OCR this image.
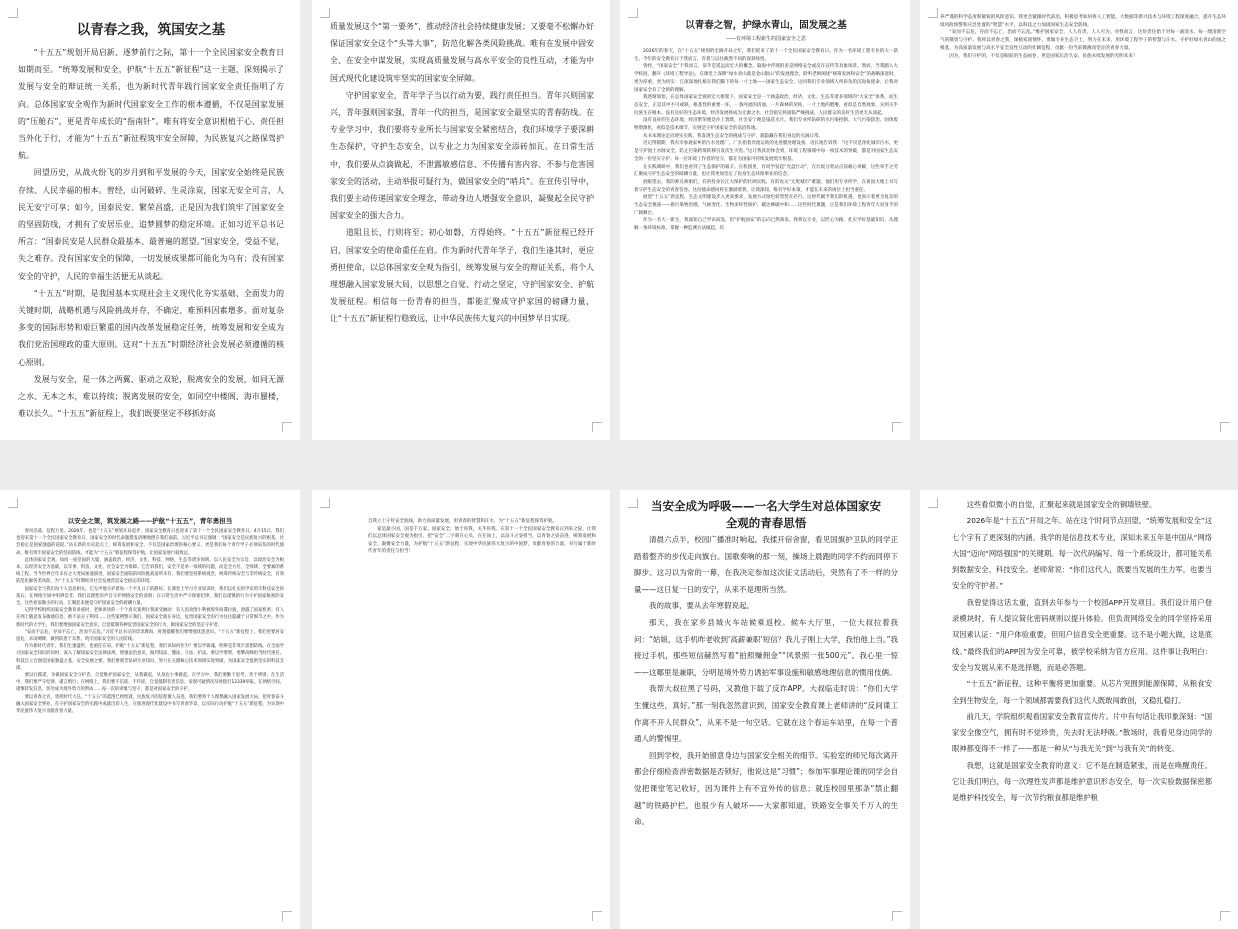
以青春之我，筑国安之基

“十五五”规划开局启新、逐梦前行之际，第十一个全民国家安全教育日如期而至。“统筹发展和安全，护航“十五五”新征程”这一主题，深刻揭示了发展与安全的辩证统一关系，也为新时代青年践行国家安全责任指明了方向。总体国家安全观作为新时代国家安全工作的根本遵循，不仅是国家发展的“压舱石”，更是青年成长的“指南针”。唯有将安全意识根植于心、责任担当外化于行，才能为“十五五”新征程筑牢安全屏障，为民族复兴之路保驾护航。

回望历史，从战火纷飞的岁月到和平发展的今天，国家安全始终是民族存续、人民幸福的根本。曾经，山河破碎、生灵涂炭，国家无安全可言，人民无安宁可享；如今，国泰民安、繁荣昌盛，正是因为我们筑牢了国家安全的坚固防线，才拥有了安居乐业、追梦圆梦的稳定环境。正如习近平总书记所言：“国泰民安是人民群众最基本、最普遍的愿望。”国家安全，受益不觉，失之难存。没有国家安全的保障，一切发展成果都可能化为乌有；没有国家安全的守护，人民的幸福生活便无从谈起。

“十五五”时期，是我国基本实现社会主义现代化夯实基础、全面发力的关键时期，战略机遇与风险挑战并存，不确定、难预料因素增多。面对复杂多变的国际形势和艰巨繁重的国内改革发展稳定任务，统筹发展和安全成为我们党治国理政的重大原则。这对“十五五”时期经济社会发展必须遵循的核心原则。

发展与安全，是一体之两翼、驱动之双轮，脱离安全的发展，如同无源之水、无本之木，难以持续；脱离发展的安全，如同空中楼阁、海市蜃楼，难以长久。“十五五”新征程上，我们既要坚定不移抓好高

质量发展这个“第一要务”，推动经济社会持续健康发展；又要毫不松懈办好保证国家安全这个“头等大事”，防范化解各类风险挑战。唯有在发展中固安全、在安全中谋发展，实现高质量发展与高水平安全的良性互动，才能为中国式现代化建设筑牢坚实的国家安全屏障。

守护国家安全，青年学子当以行动为要，践行责任担当。青年兴则国家兴，青年强则国家强，青年一代的担当，是国家安全最坚实的青春防线。在专业学习中，我们要将专业所长与国家安全紧密结合，我们环境学子要深耕生态保护，守护生态安全，以专业之力为国家安全添砖加瓦。在日常生活中，我们要从点滴做起，不泄露敏感信息、不传播有害内容、不参与危害国家安全的活动，主动举报可疑行为，做国家安全的“哨兵”。在宣传引导中，我们要主动传递国家安全理念，带动身边人增强安全意识，凝聚起全民守护国家安全的强大合力。

道阻且长，行则将至；初心如磐，方得始终。“十五五”新征程已经开启，国家安全的使命重任在肩。作为新时代青年学子，我们生逢其时，更应勇担使命，以总体国家安全观为指引，统筹发展与安全的辩证关系，将个人理想融入国家发展大局，以思想之自觉、行动之坚定，守护国家安全、护航发展征程。相信每一份青春的担当，都能汇聚成守护家国的磅礴力量，让“十五五”新征程行稳致远，让中华民族伟大复兴的中国梦早日实现。

以青春之智，护绿水青山，固发展之基

——有环境工程新生的国家安全之思

2026年的春天，在“十五五”规划的宏阔开局之年，我们迎来了第十一个全民国家安全教育日。作为一名环境工程专业的大一新生，今年的安全教育日于我而言，有着与以往截然不同的深刻体悟。

曾经，“国家安全”于我而言，似乎是遥远而宏大的概念。脑海中浮现的多是网络安全或反诈宣传等具象场景。然而，当我踏入大学校园，翻开《环境工程导论》，在课堂上深耕“绿水青山就是金山银山”的发展理念，聆听老师阐述“统筹发展和安全”的战略深意时，更为厚重，更为切实：它深深地扎根在我们脚下的每一寸土地——国家生态安全。这同我们专业领域人所肩负的沉甸甸使命，让我对国家安全有了全新的理解。

我逐渐领悟，在总体国家安全观的宏大框架下，国家安全是一个涵盖政治、经济、文化、生态等诸多领域的“大安全”体系。而生态安全，正是其中不可或缺、根基性的重要一环。一条河流的清浊，一片森林的荣枯，一寸土地的肥瘠，看似是自然现象，实则关乎民族生存根本。没有良好的生态环境，经济发展将成为无源之水，社会稳定将面临严峻挑战，人民群众的美好生活更无从谈起。

没有良好的生态环境，经济繁荣便是沙上筑塔，社会安宁便是镜花水月。我们专业所钻研的水污染控制、大气污染防治、固体废物资源化，看似是技术细节，实则是守护国家安全的前沿阵地。

从书本理论走向现实实践，我发现生态安全的挑战与守护，就隐藏在我们身边的点滴日常。

近记得假期，我有幸参观家乡的污水处理厂。厂长指着奔流运转的先进膜处理设备，语长地告诉我：“这不仅是净化城市污水，更是守护国土水脉安全，防止污染跨境转移引发次生灾害。”这让我真切体会到，环境工程领域中每一项技术的突破，都是对国家生态安全的一份坚实守护；每一位环境工作者的坚守，都在为国家可持续发展筑牢根基。

在实践调研中，我们也看到了生态保护的艰辛。在校园里，有同学发起“光盘行动”，在垃圾分类站点前耐心讲解，这些举手之劳汇聚成守护生态安全的磅礴力量，也让我更加坚定了投身生态环保事业的信念。

放眼望去，我的师兄师姐们，有的投身长江大保护的壮阔实践，有的攻关“无废城市”难题，他们用专业所学，在祖国大地上书写着守护生态安全的青春答卷。这份使命感同样在激励着我，让我深知，唯有学好本领，才能在未来的岗位上担当重任。

展望“十五五”新征程，生态文明建设步入更高要求，发展方式绿色转型势在必行。这时代赋予我们的机遇，也预示着更为复杂的生态安全挑战——新污染物治理、气候变化、生物多样性保护、碳达峰碳中和……这些时代课题，正是我们环境工程青年大显身手的广阔舞台。

作为一名大一新生，我深知自己学识尚浅，但“护航国安”的志向已然萌发。我将以专业，以匠心为路，扎实学好基础知识，从理解一条环境标准、掌握一种监测方法做起，培

养严谨的科学态度和敏锐的风险意识。我更会紧跟时代前沿，积极思考如何将人工智能、大数据等新兴技术与环境工程深度融合，提升生态环境风险预警和应急处置的“智慧”水平，以科技之力加固国家生态安全防线。

“安而不忘危，存而不忘亡，治而不忘乱。”维护国家安全，人人有责，人人可为。对我而言，这份责任始于对每一滴清水、每一缕清新空气的敬畏与守护。我将以青春之我，深植家国情怀，勇做专业生态卫士，努力在未来，用环境工程学子的智慧与汗水，守护好绿水青山的国之根基，为高质量发展与高水平安全良性互动的壮阔征程，贡献一份当前微薄而坚定的青春力量。

因为，我们守护的，不仅是眼前的生态画卷，更是国家长治久安、民族永续发展的光明未来！

以安全之策，筑发展之路——护航“十五五”，青年勇担当

春风浩荡，征程万里。2026年，也是“十五五”规划开局起步，国家安全教育日也迎来了第十一个全民国家安全教育日。4月15日，我们也迎来第十一个全民国家安全教育日，国家安全的时代命题愈发清晰地摆在我们面前。习近平总书记强调：“国家安全是民族复兴的根基，社会稳定是国家强盛的前提。”站在新的历史起点上，统筹发展和安全，不仅是国家治理的核心要义，更是我们每个青年学子必须肩负的时代使命。唯有筑牢国家安全的坚固防线，才能为“十五五”新征程保驾护航，让国家发展行稳致远。

总体国家安全观，如同一座坚固的大厦，涵盖政治、经济、文化、科技、网络、生态等诸多领域，以人民安全为宗旨，以政治安全为根本，以经济安全为基础，以军事、科技、文化、社会安全为保障。它告诉我们，安全不是单一领域的问题，而是全方位、全领域、全要素的系统工程。当今世界百年未有之大变局加速演进，国家安全面临的风险挑战前所未有，我们要坚持系统观念，统筹传统安全与非传统安全，有效防范化解各类风险，为“十五五”时期经济社会发展营造安全稳定的环境。

国家安全与我们每个人息息相关，它无声地守护着每一个平凡日子的静好。在课堂上学习专业知识时，我们以扎实的学识筑牢科技安全的基石；在网络空间中明辨是非，我们以理性的声音守护网络安全的清朗；在日常生活中严守保密纪律，我们以谨慎的行为守护国家秘密的安全。这些看似微小的行动，汇聚起来便是守护国家安全的磅礴力量。

记得学校组织国家安全教育讲座时，老师讲述的一个个真实案例让我深受触动：有人因贪图小利被境外间谍拉拢，泄露了国家机密；有人在网上随意发布敏感信息，被不法分子利用……这些案例警示我们，国家安全就在身边，危害国家安全的行为往往隐藏于日常细节之中。作为新时代的大学生，我们要增强国家安全意识，自觉抵制各种危害国家安全的行为，做国家安全的坚定守护者。

“安而不忘危，存而不忘亡，治而不忘乱。”习近平总书记的谆谆教诲，时刻提醒我们要增强忧患意识。“十五五”新征程上，我们更要居安思危、未雨绸缪，做到防患于未然，筑牢国家安全的人民防线。

作为新时代青年，我们生逢盛世，也重任在肩。护航“十五五”新征程，我们该如何作为？要以学铸魂，明辨是非筑牢思想防线。在全面学习国家安全知识的同时，深入了解国家安全法律法规，增强法治意识，做到知法、懂法、守法、护法。要以学增智，勇攀高峰担当时代重任。科技自立自强是国家强盛之基，安全发展之要。我们要刻苦钻研专业知识，努力在关键核心技术领域实现突破，为国家安全提供坚实的科技支撑。

要以行践诺，争做国家安全守护者。自觉维护国家安全，从我做起，从身边小事做起。在学习中，我们要勤于思考、善于辨别；在生活中，我们要严守纪律、谨言慎行；在网络上，我们要不信谣、不传谣，自觉抵制有害信息，发现可疑情况及时拨打12339举报。在网络空间，谨慎转发信息，切勿成为境外势力的帮凶……每一次的审慎与坚守，都是对国家安全的守护。

要以青春之名，勇担时代大任。“十五五”的蓝图已经绘就，民族复兴的征程催人奋进。我们要将个人理想融入国家发展大局，把青春奋斗融入国家安全事业，在守护国家安全的实践中成就出彩人生，在推进现代化建设中书写青春华章，以实际行动护航“十五五”新征程，为实现中华民族伟大复兴贡献青春力量。

自我立上守好安全底线，助力高质量发展，用青春的智慧和汗水，为“十五五”新征程保驾护航。

家是最小国，国是千万家。国家安全，始于你我，关乎你我。在第十一个全民国家安全教育日到来之际，让我们以总体国家安全观为指引，把“安全”二字刻在心头，在在岗上，以奋斗之姿担当，以青春之姿奋进，统筹发展和安全，凝聚安全力量，为护航“十五五”新征程，实现中华民族伟大复兴的中国梦，贡献青春的力量，书写属于新时代青年的责任与担当！

当安全成为呼吸——一名大学生对总体国家安
全观的青春思悟

清晨六点半，校园广播准时响起。我揉开宿舍窗，看见国旗护卫队的同学正踏着整齐的步伐走向旗台。国歌奏响的那一刻，操场上晨跑的同学不约而同停下脚步。这习以为常的一幕，在我决定参加这次征文活动后，突然有了不一样的分量——这日复一日的安宁，从来不是理所当然。

我的故事，要从去年寒假说起。

那天，我在家乡县城火车站候乘返校。候车大厅里，一位大叔拉着我问：“姑娘，这手机昨老收到‘高薪兼职’短信？我儿子刚上大学，我怕他上当。”我接过手机，那些短信赫然写着“拍照赚佣金”“风景照一张500元”。我心里一惊——这哪里是兼职，分明是境外势力诱拍军事设施和敏感地理信息的惯用伎俩。

我帮大叔拉黑了号码，又教他下载了反诈APP。大叔临走时说：“你们大学生懂这些，真好。”那一刻我忽然意识到，国家安全教育课上老师讲的“反间谍工作离不开人民群众”，从来不是一句空话。它就在这个春运车站里，在每一个普通人的警惕里。

回到学校，我开始留意身边与国家安全相关的细节。实验室的师兄每次离开都会仔细检查涉密数据是否锁好，他说这是“习惯”；参加军事理论课的同学会自觉把课堂笔记收好，因为课件上有不宜外传的信息；就连校园里那条“禁止翻越”的铁路护栏，也很少有人破坏——大家都知道，铁路安全事关千万人的生命。

这些看似微小的自觉，汇聚起来就是国家安全的铜墙铁壁。

2026年是“十五五”开局之年。站在这个时间节点回望，“统筹发展和安全”这七个字有了更深刻的内涵。我学的是信息技术专业，深知未来五年是中国从“网络大国”迈向“网络强国”的关键期。每一次代码编写、每一个系统设计，都可能关系到数据安全、科技安全。老师常说：“你们这代人，既要当发展的生力军，也要当安全的守护者。”

我曾觉得这话太重，直到去年参与一个校园APP开发项目。我们设计用户登录模块时，有人提议简化密码规则以提升体验。但负责网络安全的同学坚持采用双因素认证：“用户体验重要，但用户信息安全更重要。这不是小题大做，这是底线。”最终我们的APP因为安全可靠，被学校采纳为官方应用。这件事让我明白：安全与发展从来不是选择题，而是必答题。

“十五五”新征程，这种平衡将更加重要。从芯片突围到能源保障，从粮食安全到生物安全，每一个领域都需要我们这代人既敢闯敢创，又稳扎稳打。

前几天，学院组织观看国家安全教育宣传片。片中有句话让我印象深刻：“国家安全像空气，拥有时不觉珍贵，失去时无法呼吸。”散场时，我看见身边同学的眼神都变得不一样了——那是一种从“与我无关”到“与我有关”的转变。

我想，这就是国家安全教育的意义：它不是在制造紧张，而是在唤醒责任。它让我们明白，每一次理性发声都是维护意识形态安全，每一次实验数据保密都是维护科技安全，每一次节约粮食都是维护粮
